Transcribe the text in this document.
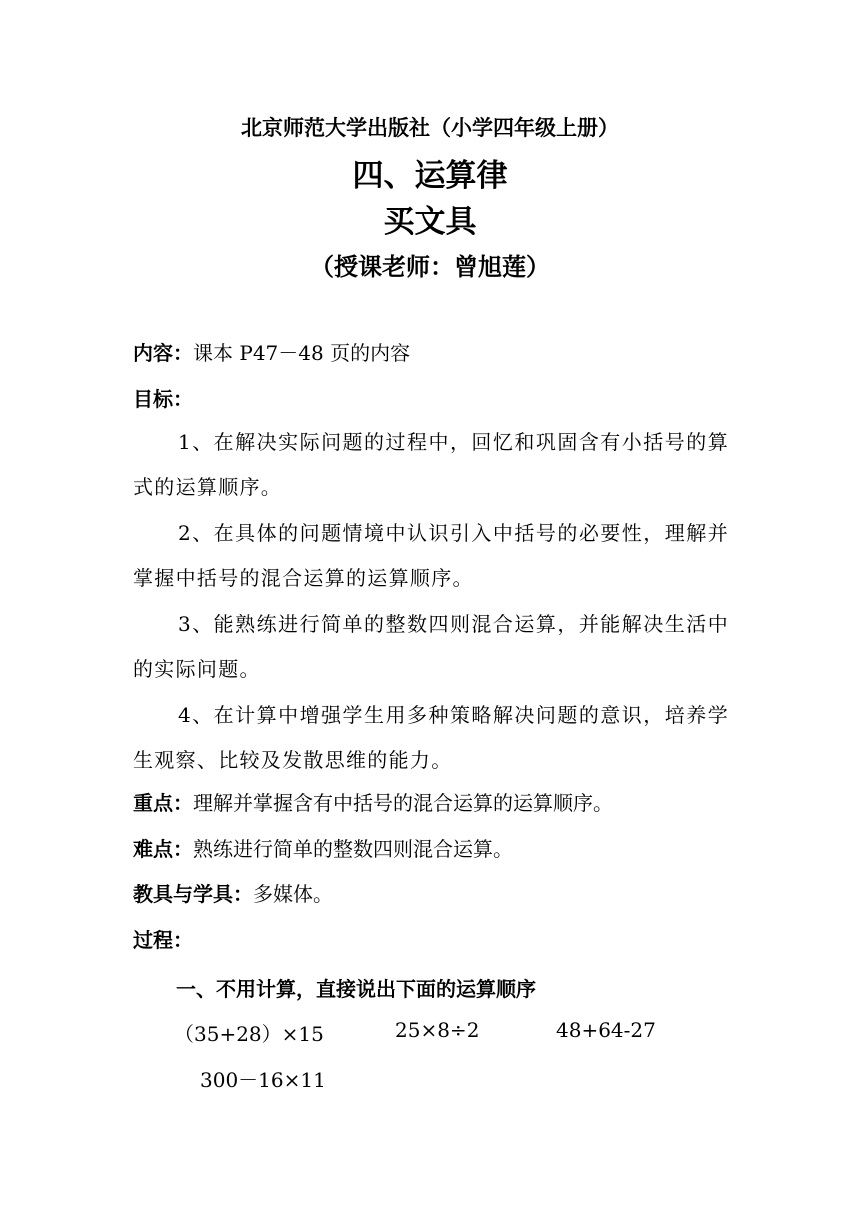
北京师范大学出版社（小学四年级上册）
四、运算律
买文具
（授课老师：曾旭莲）
内容：课本 P47－48 页的内容
目标：
1、在解决实际问题的过程中，回忆和巩固含有小括号的算式的运算顺序。
2、在具体的问题情境中认识引入中括号的必要性，理解并掌握中括号的混合运算的运算顺序。
3、能熟练进行简单的整数四则混合运算，并能解决生活中的实际问题。
4、在计算中增强学生用多种策略解决问题的意识，培养学生观察、比较及发散思维的能力。
重点：理解并掌握含有中括号的混合运算的运算顺序。
难点：熟练进行简单的整数四则混合运算。
教具与学具：多媒体。
过程：
一、不用计算，直接说出下面的运算顺序
（35+28）×15	25×8÷2	48+64-27
300－16×11
